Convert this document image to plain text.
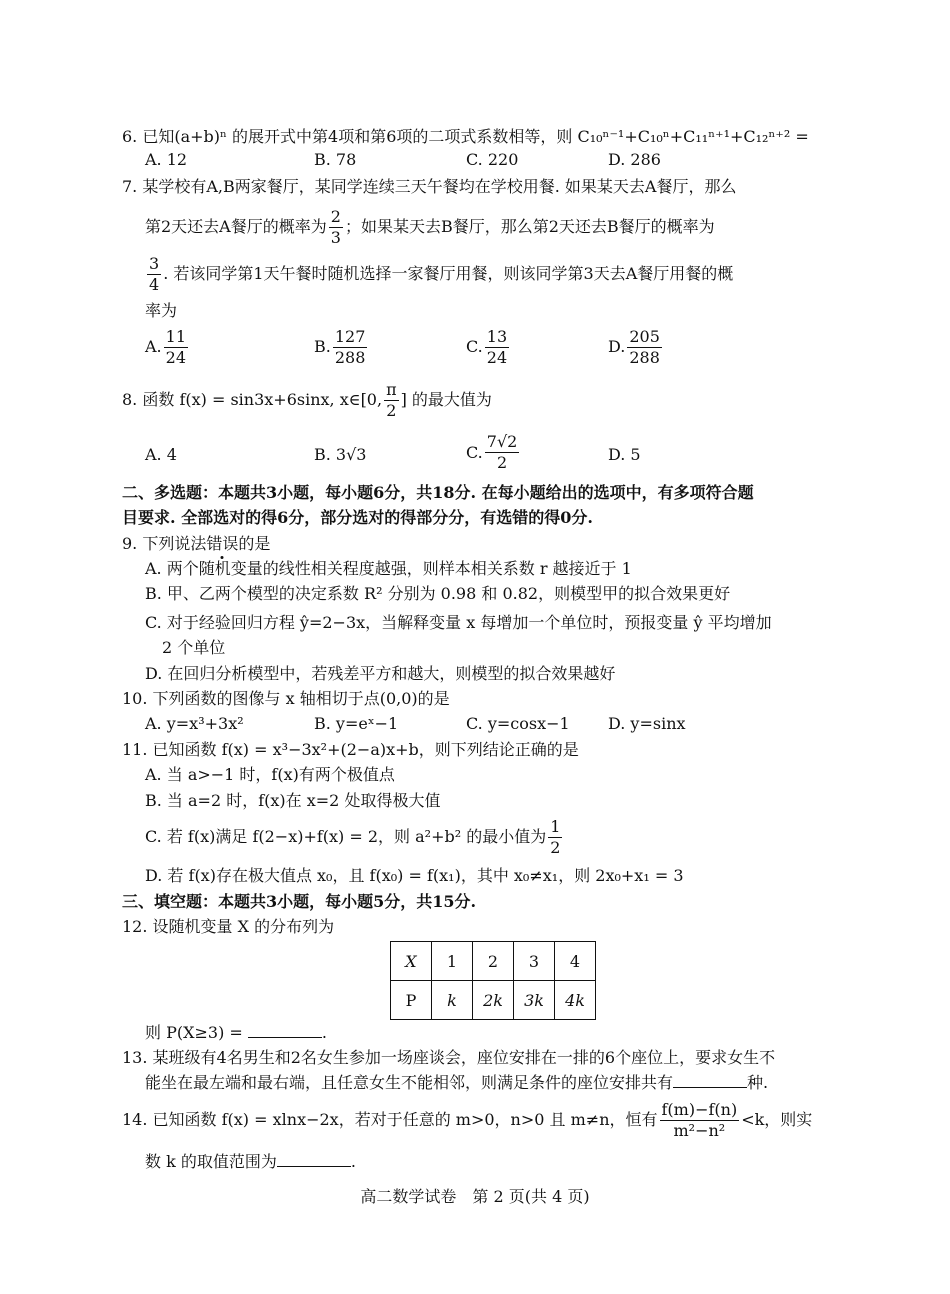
6. 已知(a+b)ⁿ 的展开式中第4项和第6项的二项式系数相等，则 C₁₀ⁿ⁻¹+C₁₀ⁿ+C₁₁ⁿ⁺¹+C₁₂ⁿ⁺² =
A. 12	B. 78	C. 220	D. 286
7. 某学校有A,B两家餐厅，某同学连续三天午餐均在学校用餐. 如果某天去A餐厅，那么
第2天还去A餐厅的概率为 $\frac{2}{3}$ ；如果某天去B餐厅，那么第2天还去B餐厅的概率为
$\frac{3}{4}$ . 若该同学第1天午餐时随机选择一家餐厅用餐，则该同学第3天去A餐厅用餐的概
率为
A. $\frac{11}{24}$	B. $\frac{127}{288}$	C. $\frac{13}{24}$	D. $\frac{205}{288}$
8. 函数 f(x) = sin3x+6sinx, x∈[0, $\frac{\pi}{2}$ ] 的最大值为
A. 4	B. 3√3	C. $\frac{7√2}{2}$	D. 5
二、多选题：本题共3小题，每小题6分，共18分. 在每小题给出的选项中，有多项符合题
目要求. 全部选对的得6分，部分选对的得部分分，有选错的得0分.
9. 下列说法错误的是
A. 两个随机变量的线性相关程度越强，则样本相关系数 r 越接近于 1
B. 甲、乙两个模型的决定系数 R² 分别为 0.98 和 0.82，则模型甲的拟合效果更好
C. 对于经验回归方程 ŷ=2−3x，当解释变量 x 每增加一个单位时，预报变量 ŷ 平均增加
2 个单位
D. 在回归分析模型中，若残差平方和越大，则模型的拟合效果越好
10. 下列函数的图像与 x 轴相切于点(0,0)的是
A. y=x³+3x²	B. y=eˣ−1	C. y=cosx−1 D. y=sinx
11. 已知函数 f(x) = x³−3x²+(2−a)x+b，则下列结论正确的是
A. 当 a>−1 时，f(x)有两个极值点
B. 当 a=2 时，f(x)在 x=2 处取得极大值
C. 若 f(x)满足 f(2−x)+f(x) = 2，则 a²+b² 的最小值为 $\frac{1}{2}$
D. 若 f(x)存在极大值点 x₀，且 f(x₀) = f(x₁)，其中 x₀≠x₁，则 2x₀+x₁ = 3
三、填空题：本题共3小题，每小题5分，共15分.
12. 设随机变量 X 的分布列为
X	1	2	3	4
P	k	2k	3k	4k
则 P(X≥3) =	.
13. 某班级有4名男生和2名女生参加一场座谈会，座位安排在一排的6个座位上，要求女生不
能坐在最左端和最右端，且任意女生不能相邻，则满足条件的座位安排共有	种.
14. 已知函数 f(x) = xlnx−2x，若对于任意的 m>0，n>0 且 m≠n，恒有 $\frac{f(m)-f(n)}{\text{m²−n²}} <k$，则实
数 k 的取值范围为	.
高二数学试卷　第 2 页(共 4 页)
